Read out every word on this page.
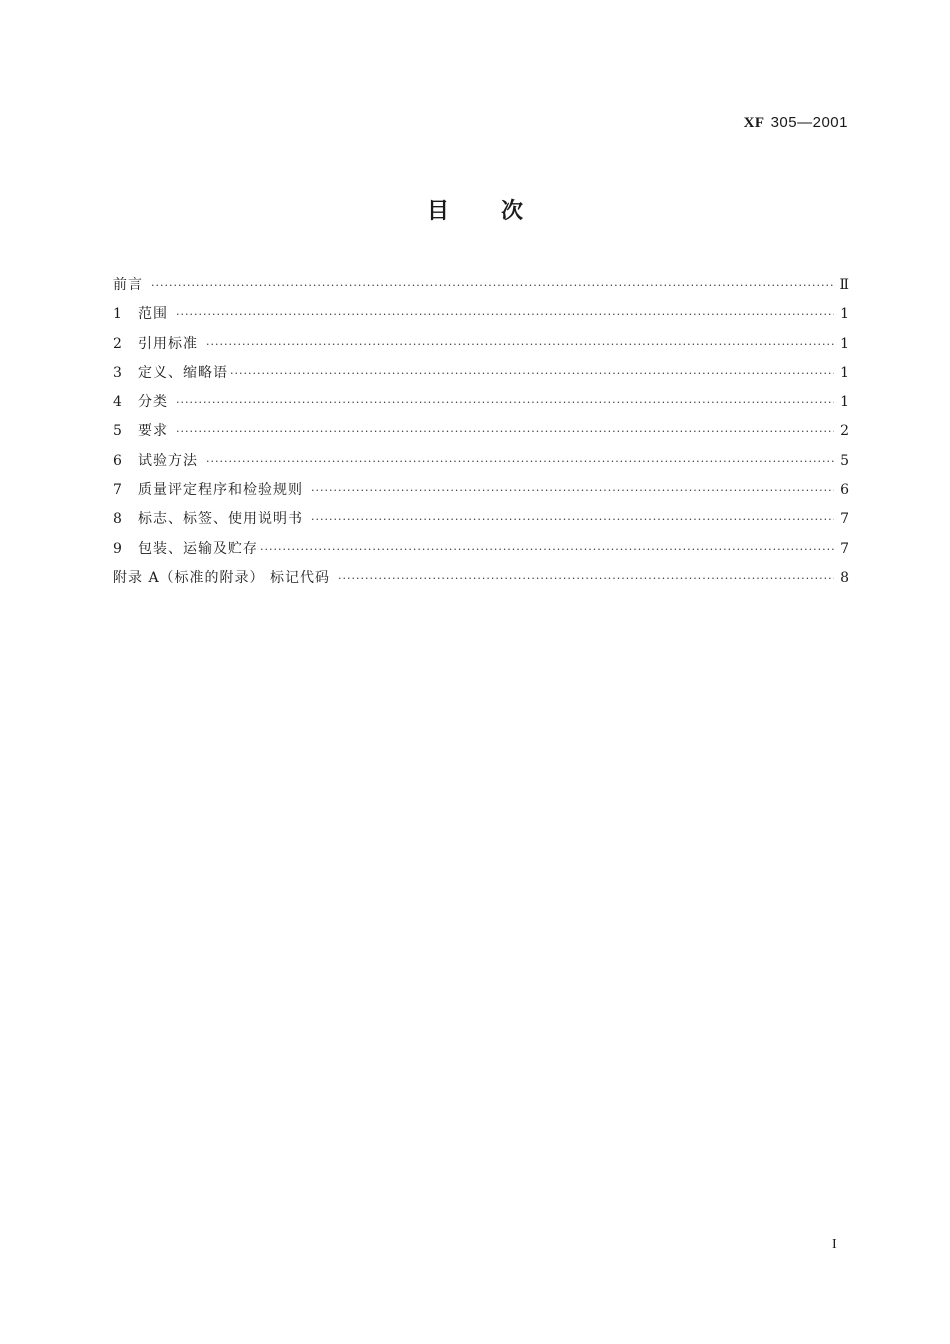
XF 305—2001
目 次
前言 ·····	Ⅱ
1	范围 ·····	1
2	引用标准 ·····	1
3	定义、缩略语 ·····	1
4	分类 ·····	1
5	要求 ·····	2
6	试验方法 ·····	5
7	质量评定程序和检验规则 ·····	6
8	标志、标签、使用说明书 ·····	7
9	包装、运输及贮存 ·····	7
附录 A（标准的附录） 标记代码 ·····	8
I
